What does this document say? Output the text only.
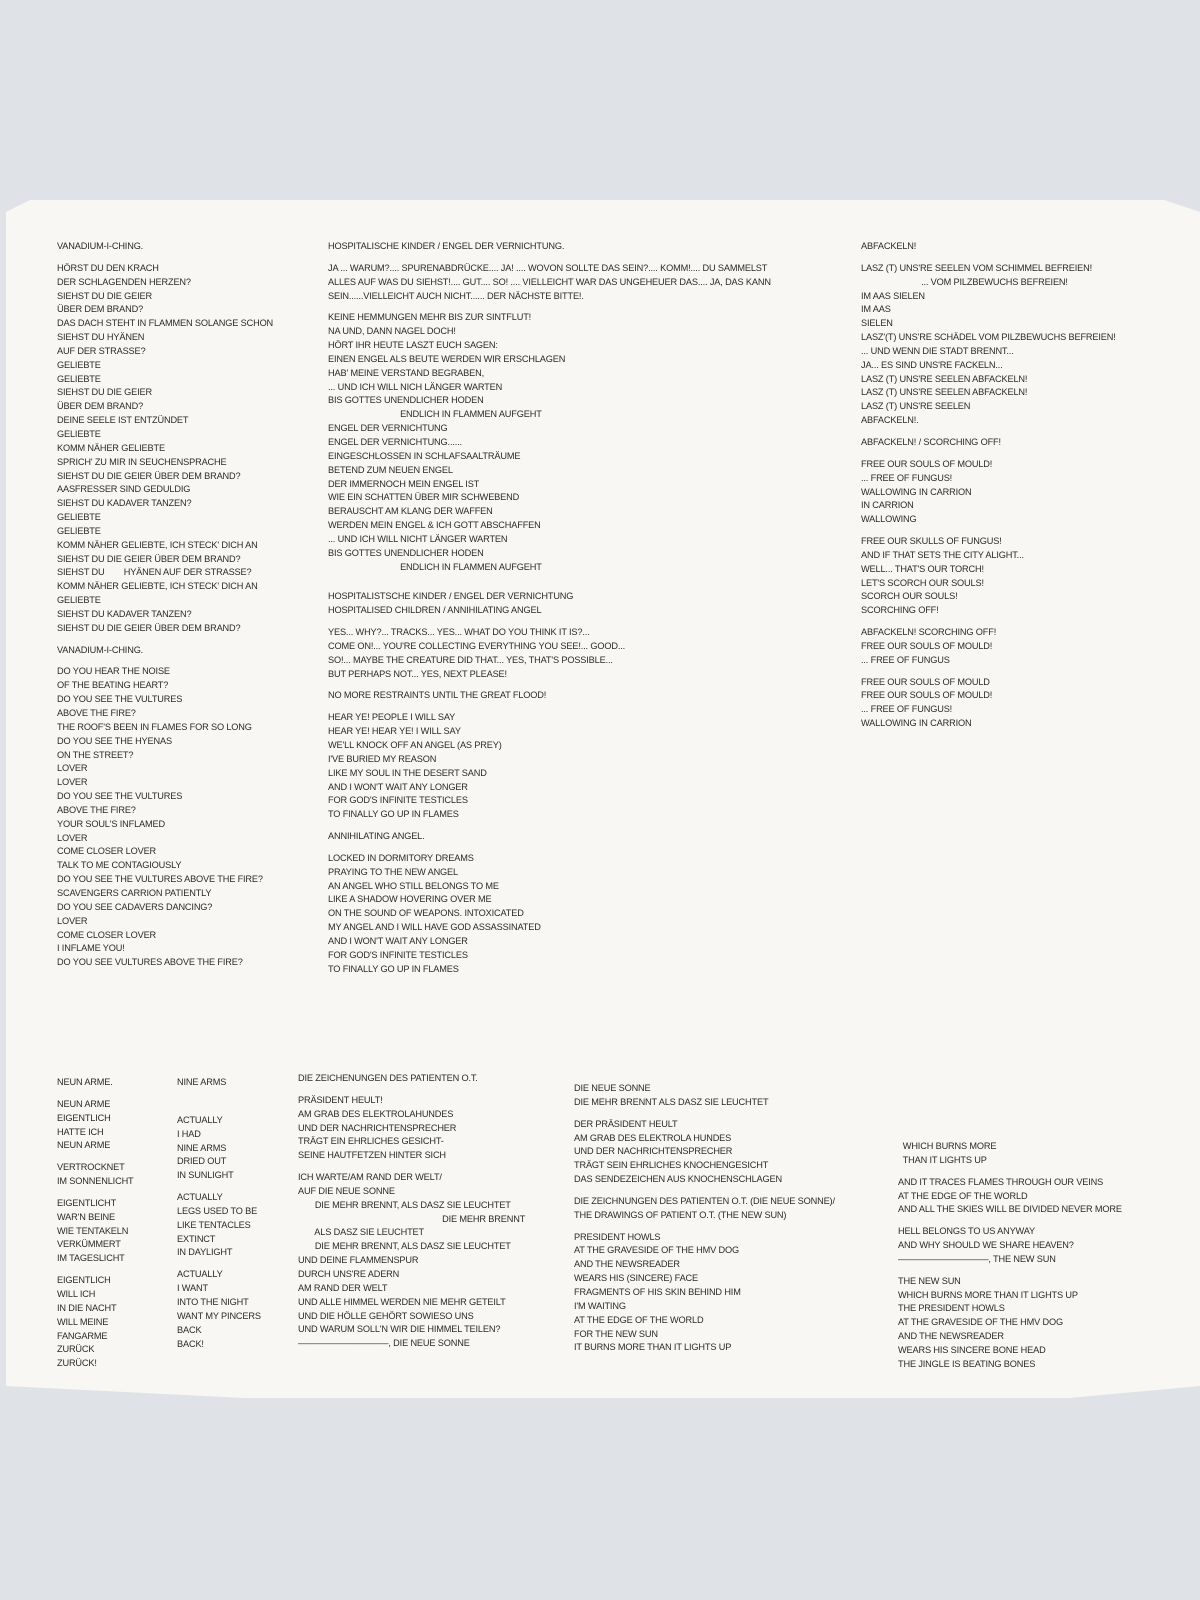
VANADIUM-I-CHING.
HÖRST DU DEN KRACH
DER SCHLAGENDEN HERZEN?
SIEHST DU DIE GEIER
ÜBER DEM BRAND?
DAS DACH STEHT IN FLAMMEN SOLANGE SCHON
SIEHST DU HYÄNEN
AUF DER STRASSE?
GELIEBTE
GELIEBTE
SIEHST DU DIE GEIER
ÜBER DEM BRAND?
DEINE SEELE IST ENTZÜNDET
GELIEBTE
KOMM NÄHER GELIEBTE
SPRICH' ZU MIR IN SEUCHENSPRACHE
SIEHST DU DIE GEIER ÜBER DEM BRAND?
AASFRESSER SIND GEDULDIG
SIEHST DU KADAVER TANZEN?
GELIEBTE
GELIEBTE
KOMM NÄHER GELIEBTE, ICH STECK' DICH AN
SIEHST DU DIE GEIER ÜBER DEM BRAND?
SIEHST DU        HYÄNEN AUF DER STRASSE?
KOMM NÄHER GELIEBTE, ICH STECK' DICH AN
GELIEBTE
SIEHST DU KADAVER TANZEN?
SIEHST DU DIE GEIER ÜBER DEM BRAND?
VANADIUM-I-CHING.
DO YOU HEAR THE NOISE
OF THE BEATING HEART?
DO YOU SEE THE VULTURES
ABOVE THE FIRE?
THE ROOF'S BEEN IN FLAMES FOR SO LONG
DO YOU SEE THE HYENAS
ON THE STREET?
LOVER
LOVER
DO YOU SEE THE VULTURES
ABOVE THE FIRE?
YOUR SOUL'S INFLAMED
LOVER
COME CLOSER LOVER
TALK TO ME CONTAGIOUSLY
DO YOU SEE THE VULTURES ABOVE THE FIRE?
SCAVENGERS CARRION PATIENTLY
DO YOU SEE CADAVERS DANCING?
LOVER
COME CLOSER LOVER
I INFLAME YOU!
DO YOU SEE VULTURES ABOVE THE FIRE?
HOSPITALISCHE KINDER / ENGEL DER VERNICHTUNG.
JA ... WARUM?.... SPURENABDRÜCKE.... JA! .... WOVON SOLLTE DAS SEIN?.... KOMM!.... DU SAMMELST
ALLES AUF WAS DU SIEHST!.... GUT.... SO! .... VIELLEICHT WAR DAS UNGEHEUER DAS.... JA, DAS KANN
SEIN......VIELLEICHT AUCH NICHT...... DER NÄCHSTE BITTE!.
KEINE HEMMUNGEN MEHR BIS ZUR SINTFLUT!
NA UND, DANN NAGEL DOCH!
HÖRT IHR HEUTE LASZT EUCH SAGEN:
EINEN ENGEL ALS BEUTE WERDEN WIR ERSCHLAGEN
HAB' MEINE VERSTAND BEGRABEN,
... UND ICH WILL NICH LÄNGER WARTEN
BIS GOTTES UNENDLICHER HODEN
ENDLICH IN FLAMMEN AUFGEHT
ENGEL DER VERNICHTUNG
ENGEL DER VERNICHTUNG......
EINGESCHLOSSEN IN SCHLAFSAALTRÄUME
BETEND ZUM NEUEN ENGEL
DER IMMERNOCH MEIN ENGEL IST
WIE EIN SCHATTEN ÜBER MIR SCHWEBEND
BERAUSCHT AM KLANG DER WAFFEN
WERDEN MEIN ENGEL & ICH GOTT ABSCHAFFEN
... UND ICH WILL NICHT LÄNGER WARTEN
BIS GOTTES UNENDLICHER HODEN
ENDLICH IN FLAMMEN AUFGEHT
HOSPITALISTSCHE KINDER / ENGEL DER VERNICHTUNG
HOSPITALISED CHILDREN / ANNIHILATING ANGEL
YES... WHY?... TRACKS... YES... WHAT DO YOU THINK IT IS?...
COME ON!... YOU'RE COLLECTING EVERYTHING YOU SEE!... GOOD...
SO!... MAYBE THE CREATURE DID THAT... YES, THAT'S POSSIBLE...
BUT PERHAPS NOT... YES, NEXT PLEASE!
NO MORE RESTRAINTS UNTIL THE GREAT FLOOD!
HEAR YE! PEOPLE I WILL SAY
HEAR YE! HEAR YE! I WILL SAY
WE'LL KNOCK OFF AN ANGEL (AS PREY)
I'VE BURIED MY REASON
LIKE MY SOUL IN THE DESERT SAND
AND I WON'T WAIT ANY LONGER
FOR GOD'S INFINITE TESTICLES
TO FINALLY GO UP IN FLAMES
ANNIHILATING ANGEL.
LOCKED IN DORMITORY DREAMS
PRAYING TO THE NEW ANGEL
AN ANGEL WHO STILL BELONGS TO ME
LIKE A SHADOW HOVERING OVER ME
ON THE SOUND OF WEAPONS. INTOXICATED
MY ANGEL AND I WILL HAVE GOD ASSASSINATED
AND I WON'T WAIT ANY LONGER
FOR GOD'S INFINITE TESTICLES
TO FINALLY GO UP IN FLAMES
ABFACKELN!
LASZ (T) UNS'RE SEELEN VOM SCHIMMEL BEFREIEN!
... VOM PILZBEWUCHS BEFREIEN!
IM AAS SIELEN
IM AAS
SIELEN
LASZ'(T) UNS'RE SCHÄDEL VOM PILZBEWUCHS BEFREIEN!
... UND WENN DIE STADT BRENNT...
JA... ES SIND UNS'RE FACKELN...
LASZ (T) UNS'RE SEELEN ABFACKELN!
LASZ (T) UNS'RE SEELEN ABFACKELN!
LASZ (T) UNS'RE SEELEN
ABFACKELN!.
ABFACKELN! / SCORCHING OFF!
FREE OUR SOULS OF MOULD!
... FREE OF FUNGUS!
WALLOWING IN CARRION
IN CARRION
WALLOWING
FREE OUR SKULLS OF FUNGUS!
AND IF THAT SETS THE CITY ALIGHT...
WELL... THAT'S OUR TORCH!
LET'S SCORCH OUR SOULS!
SCORCH OUR SOULS!
SCORCHING OFF!
ABFACKELN! SCORCHING OFF!
FREE OUR SOULS OF MOULD!
... FREE OF FUNGUS
FREE OUR SOULS OF MOULD
FREE OUR SOULS OF MOULD!
... FREE OF FUNGUS!
WALLOWING IN CARRION
NEUN ARME.
NEUN ARME
EIGENTLICH
HATTE ICH
NEUN ARME
VERTROCKNET
IM SONNENLICHT
EIGENTLICHT
WAR'N BEINE
WIE TENTAKELN
VERKÜMMERT
IM TAGESLICHT
EIGENTLICH
WILL ICH
IN DIE NACHT
WILL MEINE
FANGARME
ZURÜCK
ZURÜCK!
NINE ARMS
ACTUALLY
I HAD
NINE ARMS
DRIED OUT
IN SUNLIGHT
ACTUALLY
LEGS USED TO BE
LIKE TENTACLES
EXTINCT
IN DAYLIGHT
ACTUALLY
I WANT
INTO THE NIGHT
WANT MY PINCERS
BACK
BACK!
DIE ZEICHENUNGEN DES PATIENTEN O.T.
PRÄSIDENT HEULT!
AM GRAB DES ELEKTROLAHUNDES
UND DER NACHRICHTENSPRECHER
TRÄGT EIN EHRLICHES GESICHT-
SEINE HAUTFETZEN HINTER SICH
ICH WARTE/AM RAND DER WELT/
AUF DIE NEUE SONNE
DIE MEHR BRENNT, ALS DASZ SIE LEUCHTET
DIE MEHR BRENNT
ALS DASZ SIE LEUCHTET
DIE MEHR BRENNT, ALS DASZ SIE LEUCHTET
UND DEINE FLAMMENSPUR
DURCH UNS'RE ADERN
AM RAND DER WELT
UND ALLE HIMMEL WERDEN NIE MEHR GETEILT
UND DIE HÖLLE GEHÖRT SOWIESO UNS
UND WARUM SOLL'N WIR DIE HIMMEL TEILEN?
——————————, DIE NEUE SONNE
DIE NEUE SONNE
DIE MEHR BRENNT ALS DASZ SIE LEUCHTET
DER PRÄSIDENT HEULT
AM GRAB DES ELEKTROLA HUNDES
UND DER NACHRICHTENSPRECHER
TRÄGT SEIN EHRLICHES KNOCHENGESICHT
DAS SENDEZEICHEN AUS KNOCHENSCHLAGEN
DIE ZEICHNUNGEN DES PATIENTEN O.T. (DIE NEUE SONNE)/
THE DRAWINGS OF PATIENT O.T. (THE NEW SUN)
PRESIDENT HOWLS
AT THE GRAVESIDE OF THE HMV DOG
AND THE NEWSREADER
WEARS HIS (SINCERE) FACE
FRAGMENTS OF HIS SKIN BEHIND HIM
I'M WAITING
AT THE EDGE OF THE WORLD
FOR THE NEW SUN
IT BURNS MORE THAN IT LIGHTS UP
WHICH BURNS MORE
THAN IT LIGHTS UP
AND IT TRACES FLAMES THROUGH OUR VEINS
AT THE EDGE OF THE WORLD
AND ALL THE SKIES WILL BE DIVIDED NEVER MORE
HELL BELONGS TO US ANYWAY
AND WHY SHOULD WE SHARE HEAVEN?
——————————, THE NEW SUN
THE NEW SUN
WHICH BURNS MORE THAN IT LIGHTS UP
THE PRESIDENT HOWLS
AT THE GRAVESIDE OF THE HMV DOG
AND THE NEWSREADER
WEARS HIS SINCERE BONE HEAD
THE JINGLE IS BEATING BONES
